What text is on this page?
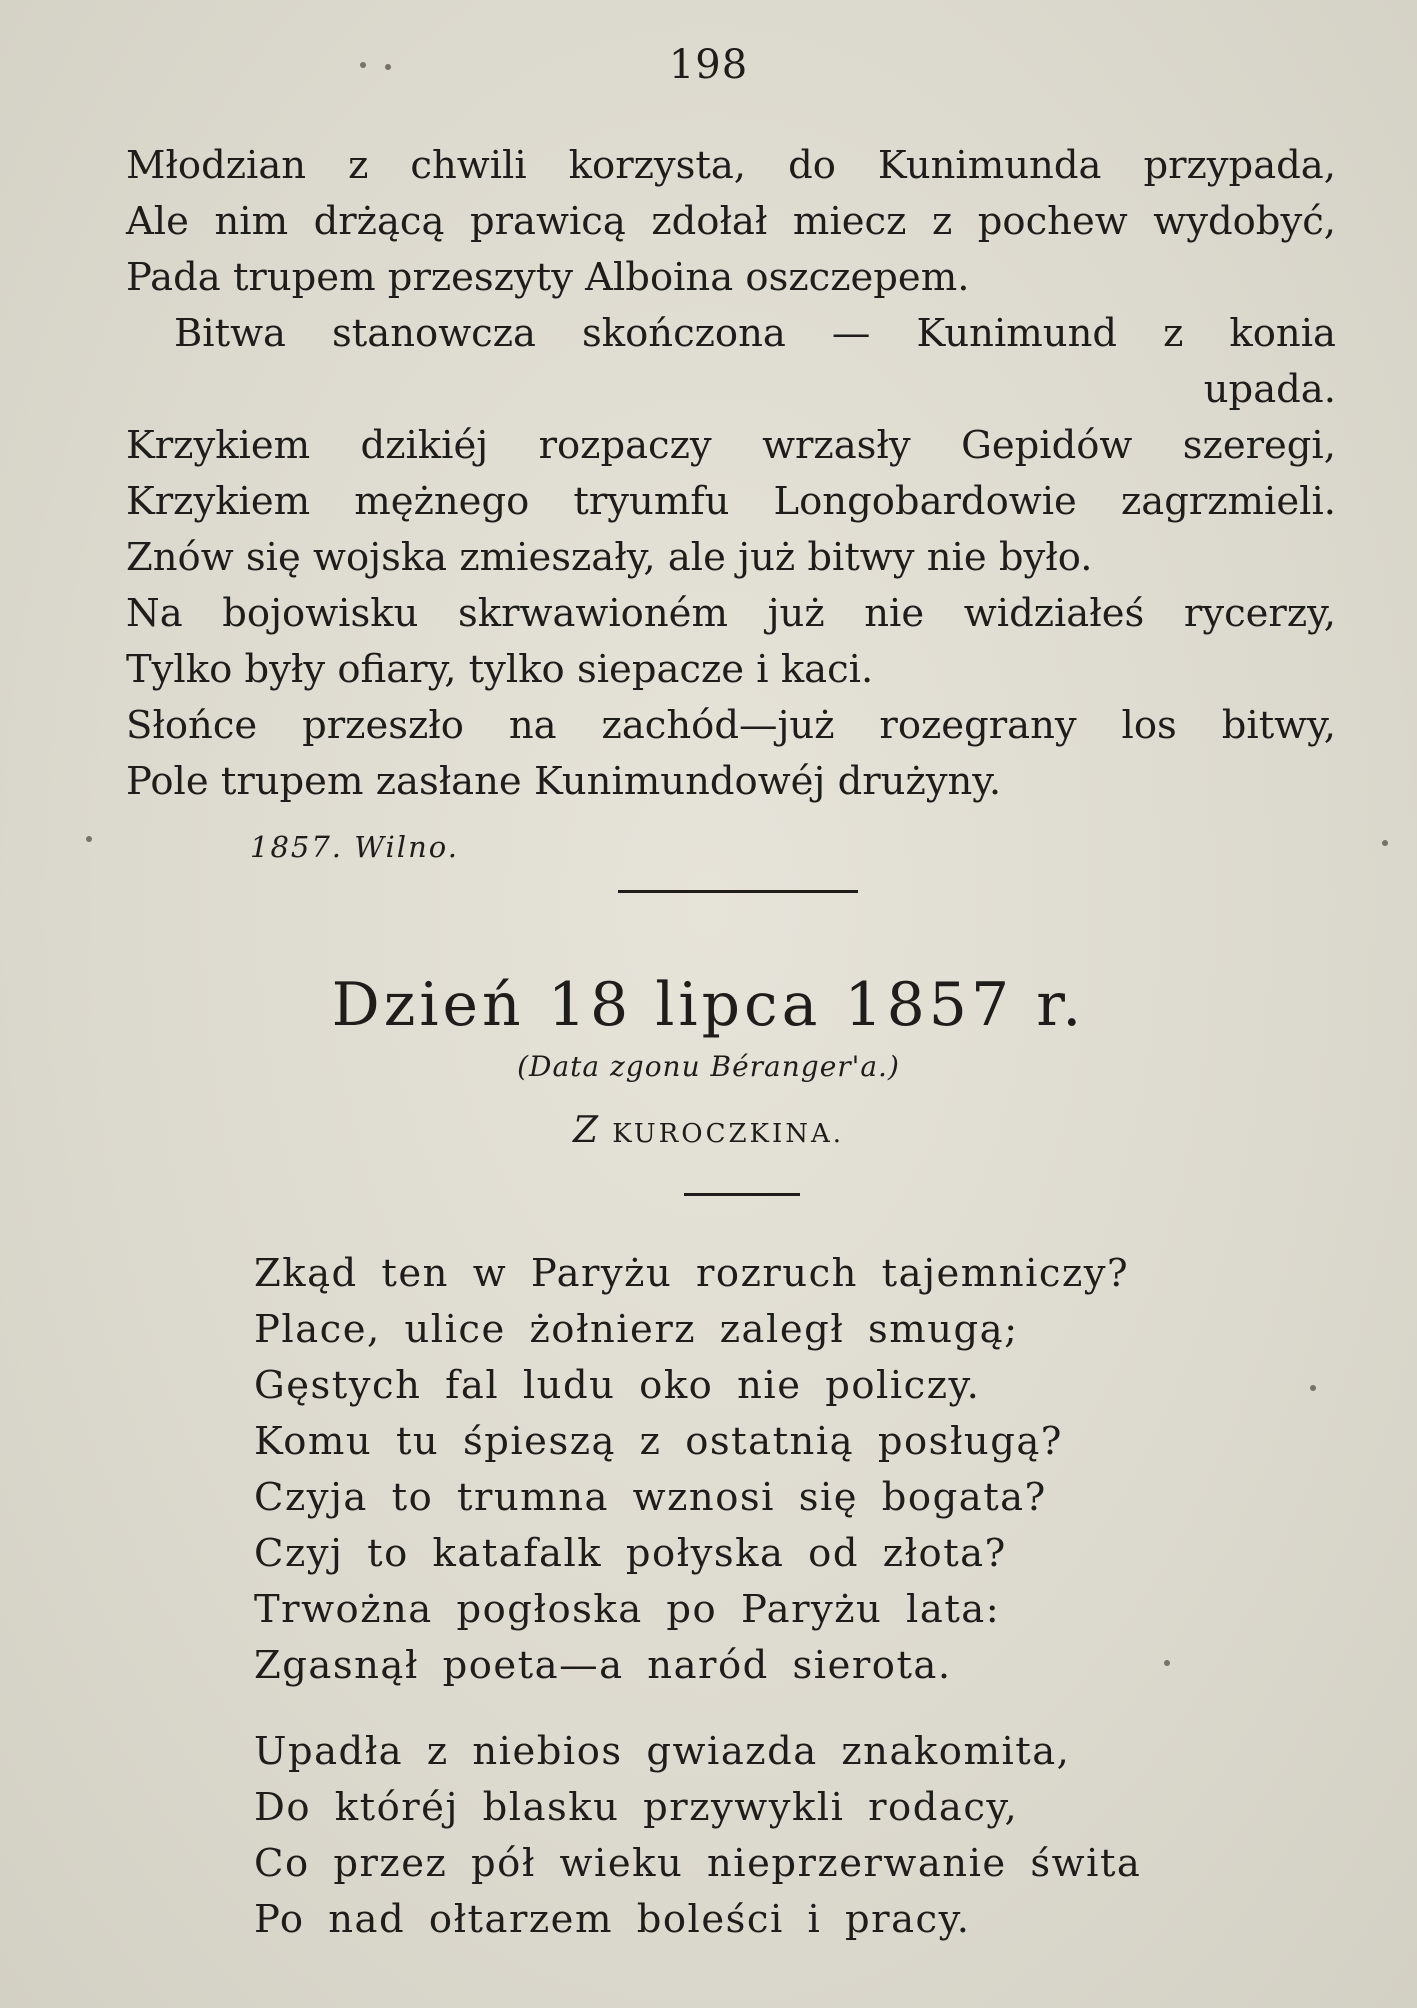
198
Młodzian z chwili korzysta, do Kunimunda przypada,
Ale nim drżącą prawicą zdołał miecz z pochew wydobyć,
Pada trupem przeszyty Alboina oszczepem.
Bitwa stanowcza skończona — Kunimund z konia
upada.
Krzykiem dzikiéj rozpaczy wrzasły Gepidów szeregi,
Krzykiem mężnego tryumfu Longobardowie zagrzmieli.
Znów się wojska zmieszały, ale już bitwy nie było.
Na bojowisku skrwawioném już nie widziałeś rycerzy,
Tylko były ofiary, tylko siepacze i kaci.
Słońce przeszło na zachód—już rozegrany los bitwy,
Pole trupem zasłane Kunimundowéj drużyny.
1857. Wilno.
Dzień 18 lipca 1857 r.
(Data zgonu Béranger'a.)
Z KUROCZKINA.
Zkąd ten w Paryżu rozruch tajemniczy?
Place, ulice żołnierz zaległ smugą;
Gęstych fal ludu oko nie policzy.
Komu tu śpieszą z ostatnią posługą?
Czyja to trumna wznosi się bogata?
Czyj to katafalk połyska od złota?
Trwożna pogłoska po Paryżu lata:
Zgasnął poeta—a naród sierota.
Upadła z niebios gwiazda znakomita,
Do któréj blasku przywykli rodacy,
Co przez pół wieku nieprzerwanie świta
Po nad ołtarzem boleści i pracy.
